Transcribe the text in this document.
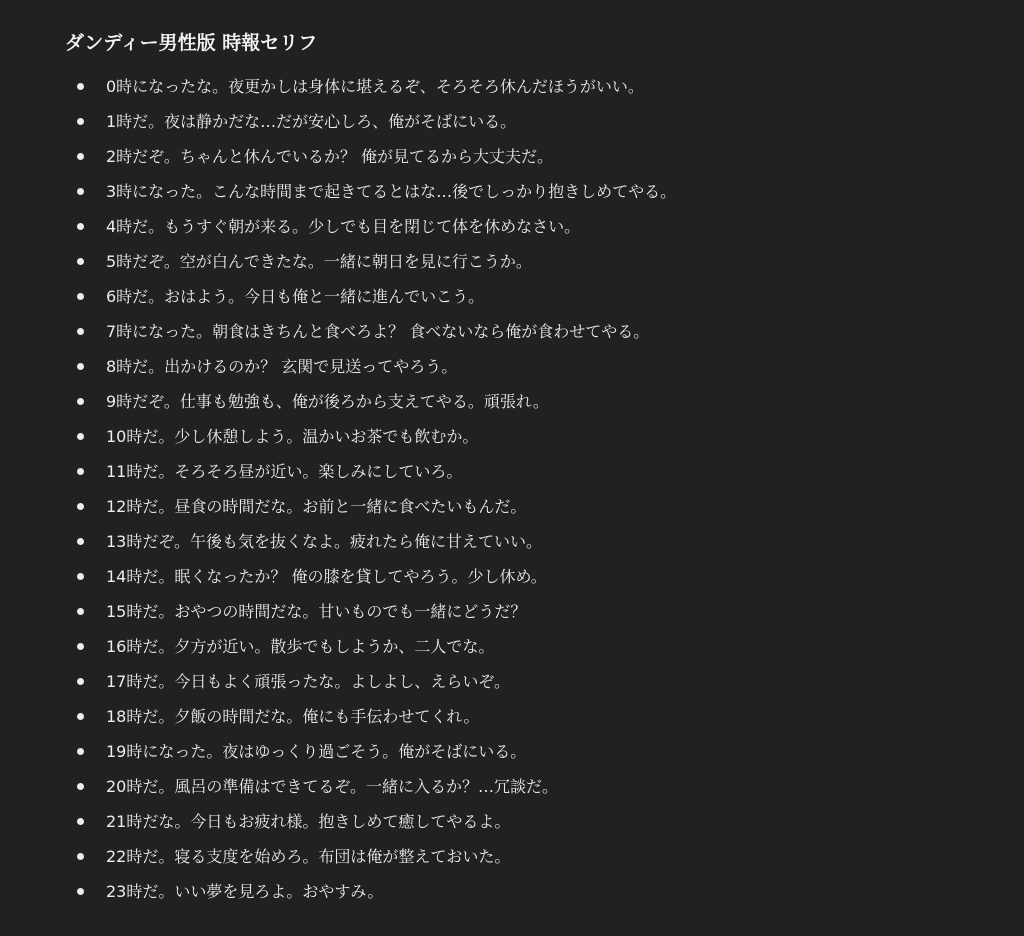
ダンディー男性版 時報セリフ
0時になったな。夜更かしは身体に堪えるぞ、そろそろ休んだほうがいい。
1時だ。夜は静かだな…だが安心しろ、俺がそばにいる。
2時だぞ。ちゃんと休んでいるか？ 俺が見てるから大丈夫だ。
3時になった。こんな時間まで起きてるとはな…後でしっかり抱きしめてやる。
4時だ。もうすぐ朝が来る。少しでも目を閉じて体を休めなさい。
5時だぞ。空が白んできたな。一緒に朝日を見に行こうか。
6時だ。おはよう。今日も俺と一緒に進んでいこう。
7時になった。朝食はきちんと食べろよ？ 食べないなら俺が食わせてやる。
8時だ。出かけるのか？ 玄関で見送ってやろう。
9時だぞ。仕事も勉強も、俺が後ろから支えてやる。頑張れ。
10時だ。少し休憩しよう。温かいお茶でも飲むか。
11時だ。そろそろ昼が近い。楽しみにしていろ。
12時だ。昼食の時間だな。お前と一緒に食べたいもんだ。
13時だぞ。午後も気を抜くなよ。疲れたら俺に甘えていい。
14時だ。眠くなったか？ 俺の膝を貸してやろう。少し休め。
15時だ。おやつの時間だな。甘いものでも一緒にどうだ？
16時だ。夕方が近い。散歩でもしようか、二人でな。
17時だ。今日もよく頑張ったな。よしよし、えらいぞ。
18時だ。夕飯の時間だな。俺にも手伝わせてくれ。
19時になった。夜はゆっくり過ごそう。俺がそばにいる。
20時だ。風呂の準備はできてるぞ。一緒に入るか？…冗談だ。
21時だな。今日もお疲れ様。抱きしめて癒してやるよ。
22時だ。寝る支度を始めろ。布団は俺が整えておいた。
23時だ。いい夢を見ろよ。おやすみ。
